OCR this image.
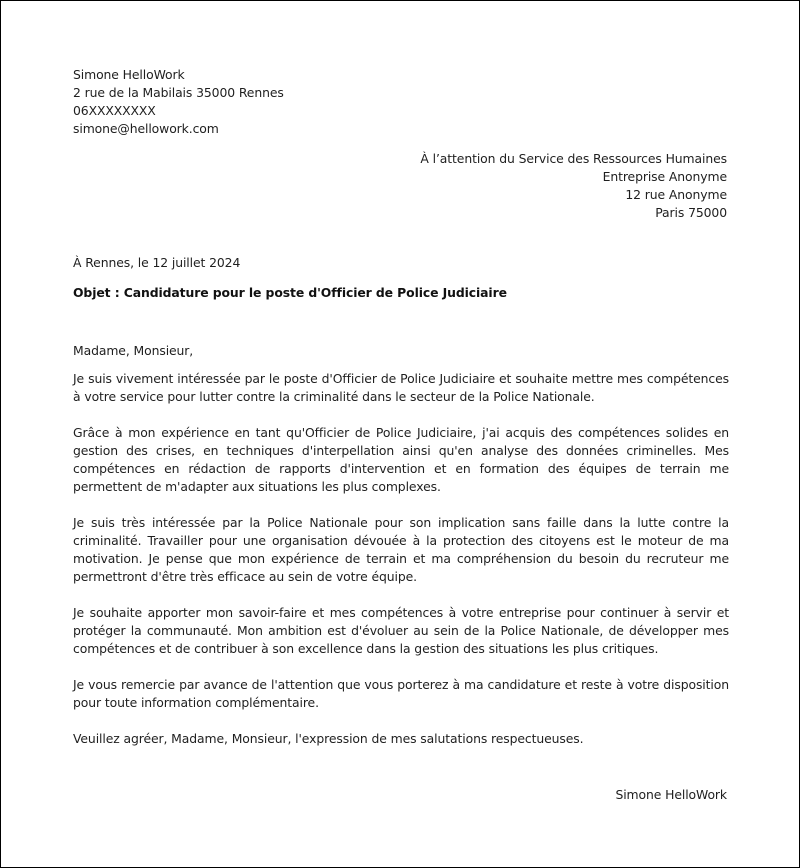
Simone HelloWork
2 rue de la Mabilais 35000 Rennes
06XXXXXXXX
simone@hellowork.com
À l’attention du Service des Ressources Humaines
Entreprise Anonyme
12 rue Anonyme
Paris 75000
À Rennes, le 12 juillet 2024
Objet : Candidature pour le poste d'Officier de Police Judiciaire

Madame, Monsieur,

Je suis vivement intéressée par le poste d'Officier de Police Judiciaire et souhaite mettre mes compétences à votre service pour lutter contre la criminalité dans le secteur de la Police Nationale.

Grâce à mon expérience en tant qu'Officier de Police Judiciaire, j'ai acquis des compétences solides en gestion des crises, en techniques d'interpellation ainsi qu'en analyse des données criminelles. Mes compétences en rédaction de rapports d'intervention et en formation des équipes de terrain me permettent de m'adapter aux situations les plus complexes.

Je suis très intéressée par la Police Nationale pour son implication sans faille dans la lutte contre la criminalité. Travailler pour une organisation dévouée à la protection des citoyens est le moteur de ma motivation. Je pense que mon expérience de terrain et ma compréhension du besoin du recruteur me permettront d'être très efficace au sein de votre équipe.

Je souhaite apporter mon savoir-faire et mes compétences à votre entreprise pour continuer à servir et protéger la communauté. Mon ambition est d'évoluer au sein de la Police Nationale, de développer mes compétences et de contribuer à son excellence dans la gestion des situations les plus critiques.

Je vous remercie par avance de l'attention que vous porterez à ma candidature et reste à votre disposition pour toute information complémentaire.

Veuillez agréer, Madame, Monsieur, l'expression de mes salutations respectueuses.

Simone HelloWork
